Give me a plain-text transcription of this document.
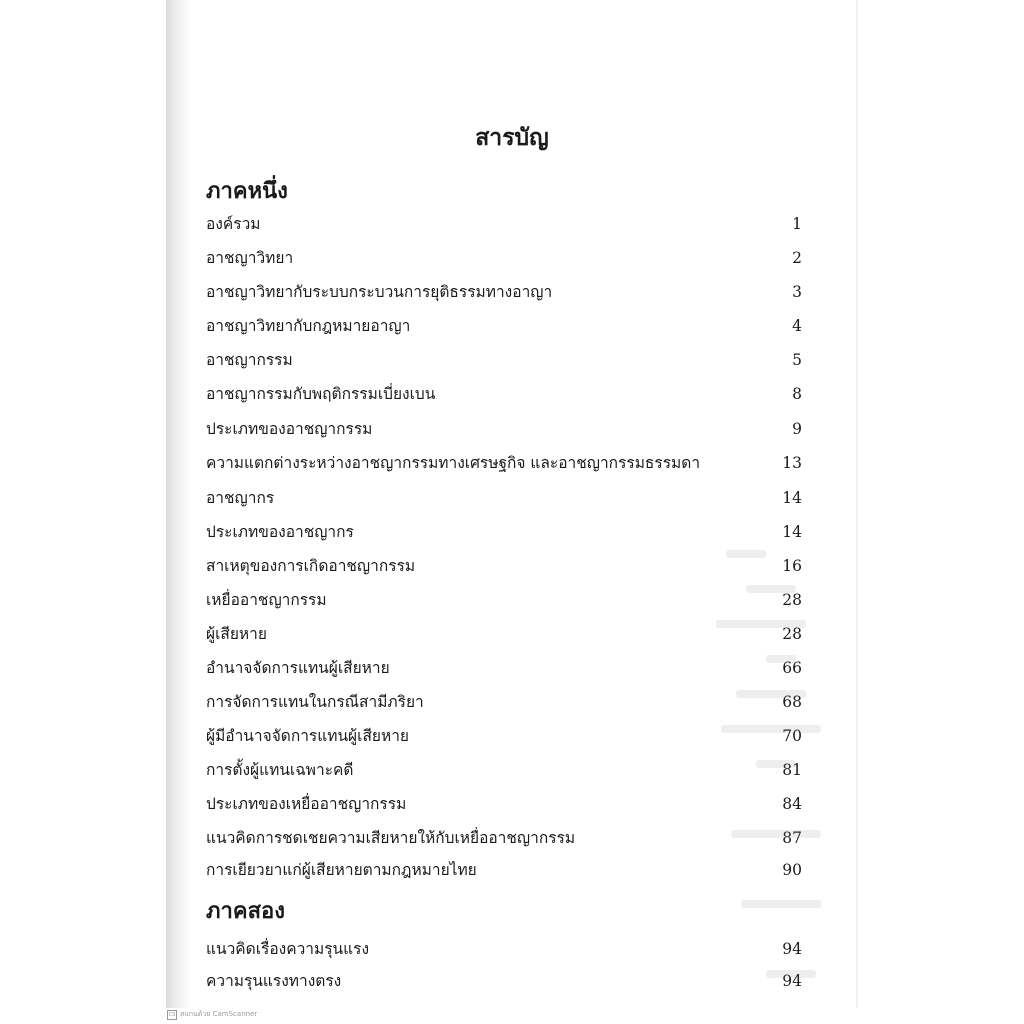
สารบัญ
ภาคหนึ่ง
องค์รวม	1
อาชญาวิทยา	2
อาชญาวิทยากับระบบกระบวนการยุติธรรมทางอาญา	3
อาชญาวิทยากับกฎหมายอาญา	4
อาชญากรรม	5
อาชญากรรมกับพฤติกรรมเบี่ยงเบน	8
ประเภทของอาชญากรรม	9
ความแตกต่างระหว่างอาชญากรรมทางเศรษฐกิจ และอาชญากรรมธรรมดา	13
อาชญากร	14
ประเภทของอาชญากร	14
สาเหตุของการเกิดอาชญากรรม	16
เหยื่ออาชญากรรม	28
ผู้เสียหาย	28
อำนาจจัดการแทนผู้เสียหาย	66
การจัดการแทนในกรณีสามีภริยา	68
ผู้มีอำนาจจัดการแทนผู้เสียหาย	70
การตั้งผู้แทนเฉพาะคดี	81
ประเภทของเหยื่ออาชญากรรม	84
แนวคิดการชดเชยความเสียหายให้กับเหยื่ออาชญากรรม	87
การเยียวยาแก่ผู้เสียหายตามกฎหมายไทย	90
ภาคสอง
แนวคิดเรื่องความรุนแรง	94
ความรุนแรงทางตรง	94
CS สแกนด้วย CamScanner
